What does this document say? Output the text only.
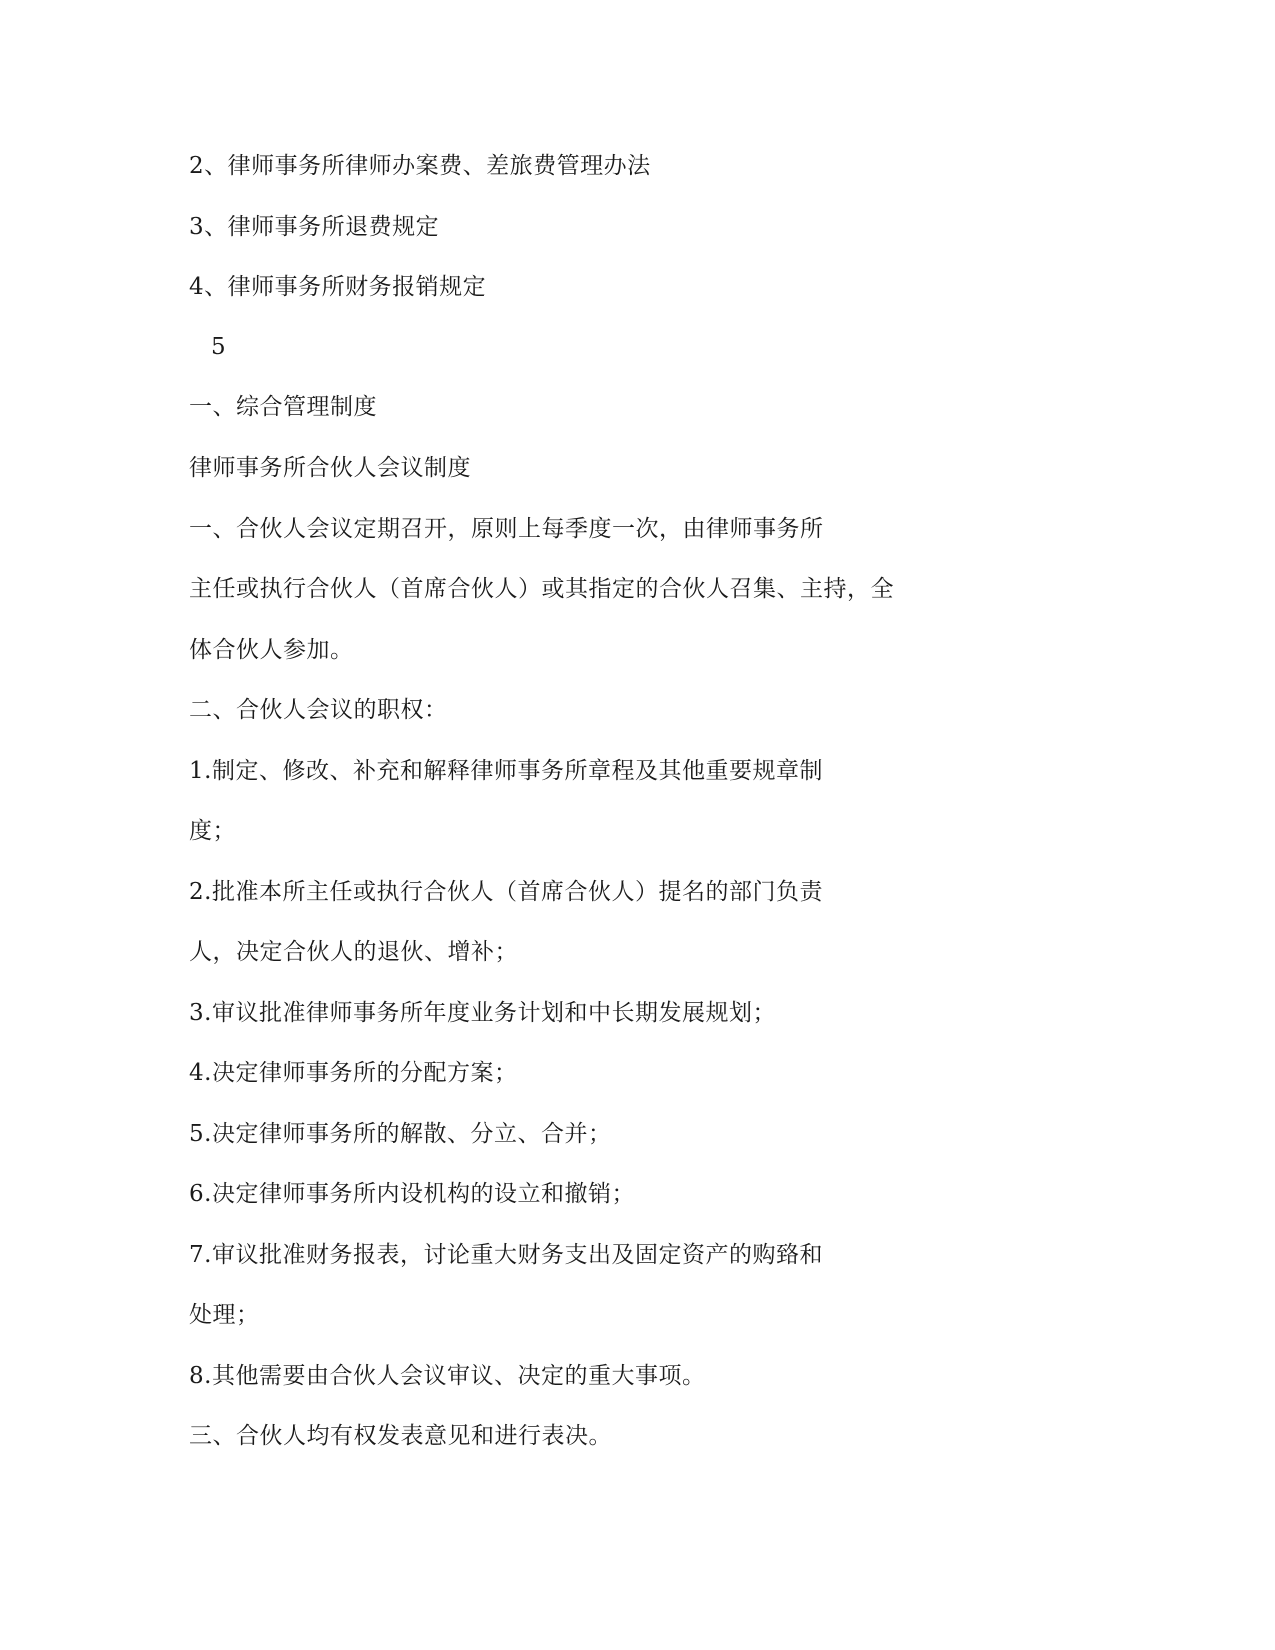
2、律师事务所律师办案费、差旅费管理办法
3、律师事务所退费规定
4、律师事务所财务报销规定
5
一、综合管理制度
律师事务所合伙人会议制度
一、合伙人会议定期召开，原则上每季度一次，由律师事务所
主任或执行合伙人（首席合伙人）或其指定的合伙人召集、主持，全
体合伙人参加。
二、合伙人会议的职权：
1.制定、修改、补充和解释律师事务所章程及其他重要规章制
度；
2.批准本所主任或执行合伙人（首席合伙人）提名的部门负责
人，决定合伙人的退伙、增补；
3.审议批准律师事务所年度业务计划和中长期发展规划；
4.决定律师事务所的分配方案；
5.决定律师事务所的解散、分立、合并；
6.决定律师事务所内设机构的设立和撤销；
7.审议批准财务报表，讨论重大财务支出及固定资产的购臵和
处理；
8.其他需要由合伙人会议审议、决定的重大事项。
三、合伙人均有权发表意见和进行表决。
